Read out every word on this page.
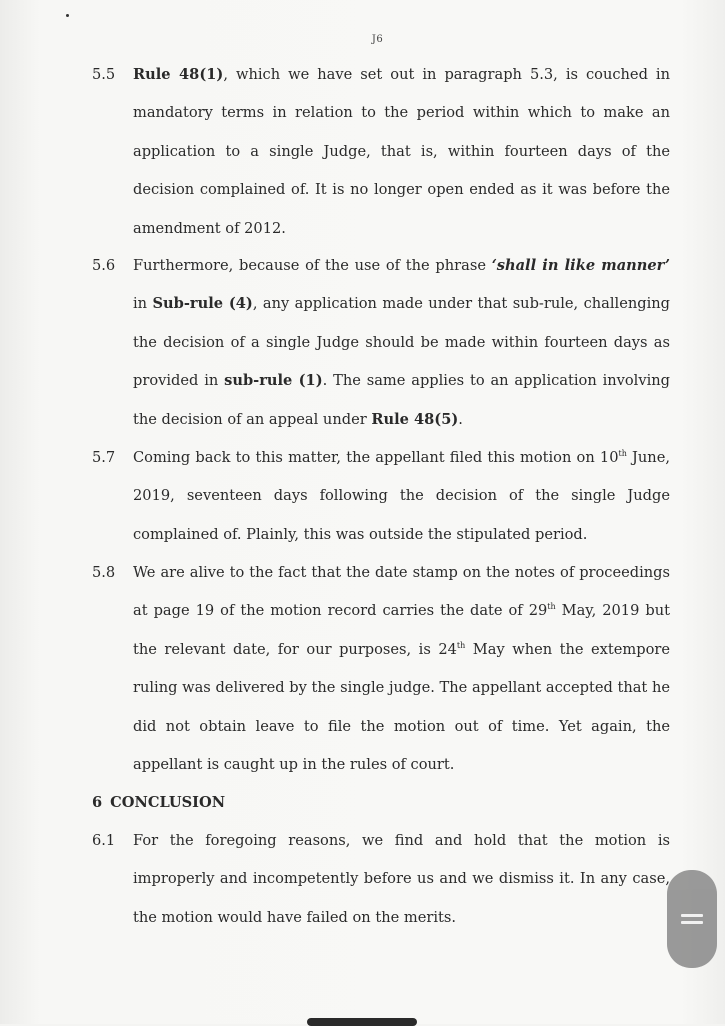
J6
5.5 Rule 48(1), which we have set out in paragraph 5.3, is couched in mandatory terms in relation to the period within which to make an application to a single Judge, that is, within fourteen days of the decision complained of. It is no longer open ended as it was before the amendment of 2012.
5.6 Furthermore, because of the use of the phrase ‘shall in like manner’ in Sub-rule (4), any application made under that sub-rule, challenging the decision of a single Judge should be made within fourteen days as provided in sub-rule (1). The same applies to an application involving the decision of an appeal under Rule 48(5).
5.7 Coming back to this matter, the appellant filed this motion on 10th June, 2019, seventeen days following the decision of the single Judge complained of. Plainly, this was outside the stipulated period.
5.8 We are alive to the fact that the date stamp on the notes of proceedings at page 19 of the motion record carries the date of 29th May, 2019 but the relevant date, for our purposes, is 24th May when the extempore ruling was delivered by the single judge. The appellant accepted that he did not obtain leave to file the motion out of time. Yet again, the appellant is caught up in the rules of court.
6 CONCLUSION
6.1 For the foregoing reasons, we find and hold that the motion is improperly and incompetently before us and we dismiss it. In any case, the motion would have failed on the merits.
